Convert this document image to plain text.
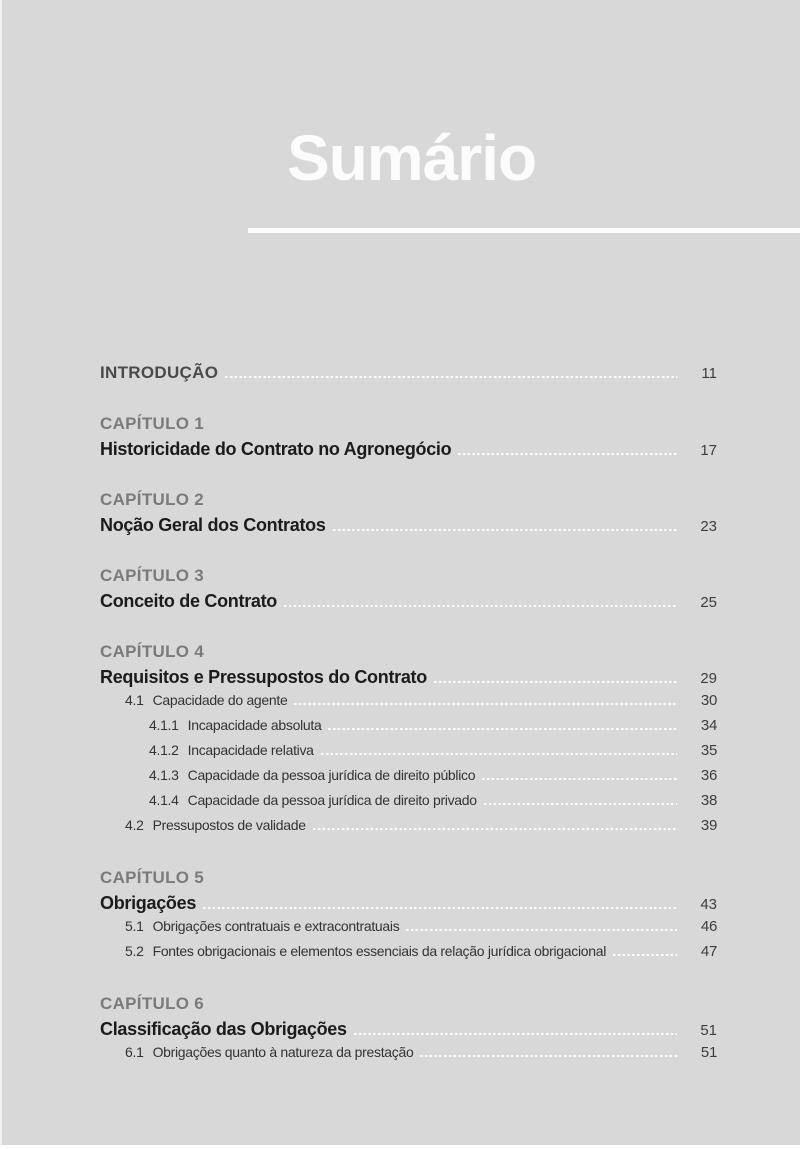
Sumário
INTRODUÇÃO	11
CAPÍTULO 1
Historicidade do Contrato no Agronegócio	17
CAPÍTULO 2
Noção Geral dos Contratos	23
CAPÍTULO 3
Conceito de Contrato	25
CAPÍTULO 4
Requisitos e Pressupostos do Contrato	29
4.1 Capacidade do agente	30
4.1.1 Incapacidade absoluta	34
4.1.2 Incapacidade relativa	35
4.1.3 Capacidade da pessoa jurídica de direito público	36
4.1.4 Capacidade da pessoa jurídica de direito privado	38
4.2 Pressupostos de validade	39
CAPÍTULO 5
Obrigações	43
5.1 Obrigações contratuais e extracontratuais	46
5.2 Fontes obrigacionais e elementos essenciais da relação jurídica obrigacional	47
CAPÍTULO 6
Classificação das Obrigações	51
6.1 Obrigações quanto à natureza da prestação	51
